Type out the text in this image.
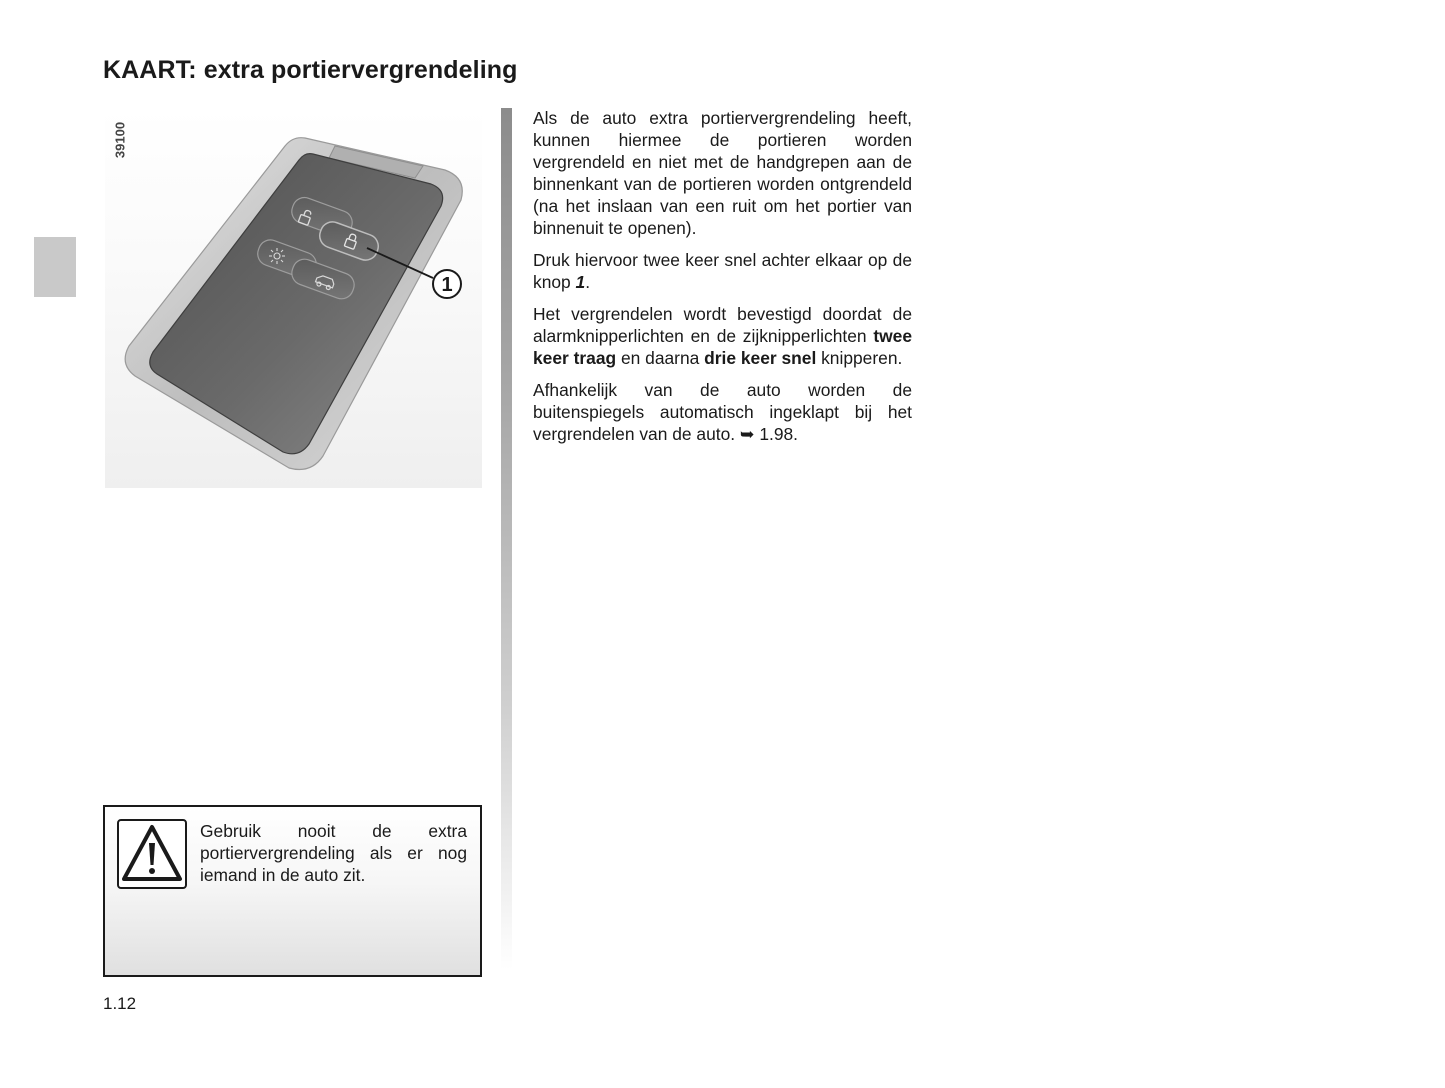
KAART: extra portiervergrendeling
1
39100

Als de auto extra portiervergrendeling heeft, kunnen hiermee de portieren worden vergrendeld en niet met de handgrepen aan de binnenkant van de portieren worden ontgrendeld (na het inslaan van een ruit om het portier van binnenuit te openen).

Druk hiervoor twee keer snel achter elkaar op de knop 1.

Het vergrendelen wordt bevestigd doordat de alarmknipperlichten en de zijknipperlichten twee keer traag en daarna drie keer snel knipperen.

Afhankelijk van de auto worden de buitenspiegels automatisch ingeklapt bij het vergrendelen van de auto. ➥ 1.98.

Gebruik nooit de extra portiervergrendeling als er nog iemand in de auto zit.

1.12
